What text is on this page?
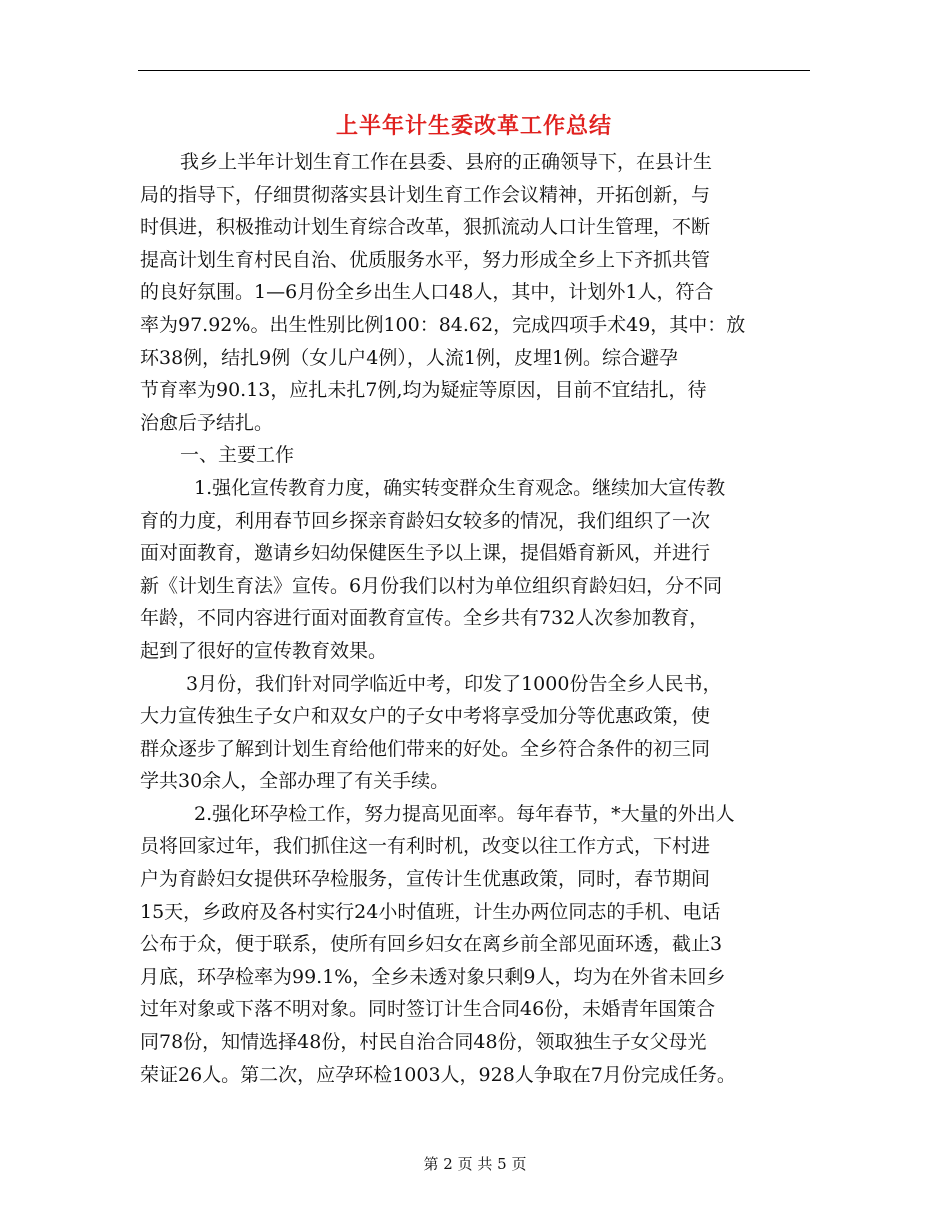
上半年计生委改革工作总结
我乡上半年计划生育工作在县委、县府的正确领导下，在县计生
局的指导下，仔细贯彻落实县计划生育工作会议精神，开拓创新，与
时俱进，积极推动计划生育综合改革，狠抓流动人口计生管理，不断
提高计划生育村民自治、优质服务水平，努力形成全乡上下齐抓共管
的良好氛围。1—6月份全乡出生人口48人，其中，计划外1人，符合
率为97.92%。出生性别比例100：84.62，完成四项手术49，其中：放
环38例，结扎9例（女儿户4例），人流1例，皮埋1例。综合避孕
节育率为90.13，应扎未扎7例,均为疑症等原因，目前不宜结扎，待
治愈后予结扎。
一、主要工作
1.强化宣传教育力度，确实转变群众生育观念。继续加大宣传教
育的力度，利用春节回乡探亲育龄妇女较多的情况，我们组织了一次
面对面教育，邀请乡妇幼保健医生予以上课，提倡婚育新风，并进行
新《计划生育法》宣传。6月份我们以村为单位组织育龄妇妇，分不同
年龄，不同内容进行面对面教育宣传。全乡共有732人次参加教育，
起到了很好的宣传教育效果。
3月份，我们针对同学临近中考，印发了1000份告全乡人民书，
大力宣传独生子女户和双女户的子女中考将享受加分等优惠政策，使
群众逐步了解到计划生育给他们带来的好处。全乡符合条件的初三同
学共30余人，全部办理了有关手续。
2.强化环孕检工作，努力提高见面率。每年春节，*大量的外出人
员将回家过年，我们抓住这一有利时机，改变以往工作方式，下村进
户为育龄妇女提供环孕检服务，宣传计生优惠政策，同时，春节期间
15天，乡政府及各村实行24小时值班，计生办两位同志的手机、电话
公布于众，便于联系，使所有回乡妇女在离乡前全部见面环透，截止3
月底，环孕检率为99.1%，全乡未透对象只剩9人，均为在外省未回乡
过年对象或下落不明对象。同时签订计生合同46份，未婚青年国策合
同78份，知情选择48份，村民自治合同48份，领取独生子女父母光
荣证26人。第二次，应孕环检1003人，928人争取在7月份完成任务。
第 2 页 共 5 页
